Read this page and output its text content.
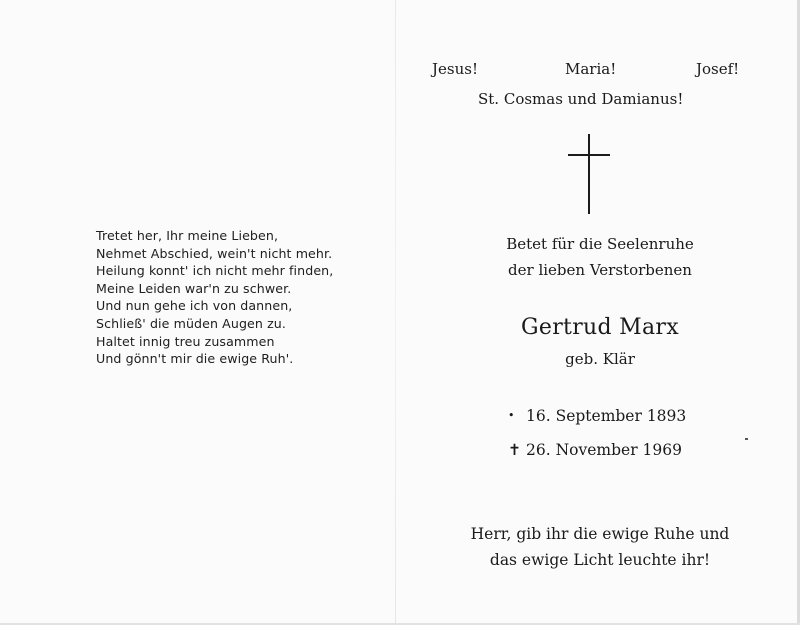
Tretet her, Ihr meine Lieben,
Nehmet Abschied, wein't nicht mehr.
Heilung konnt' ich nicht mehr finden,
Meine Leiden war'n zu schwer.
Und nun gehe ich von dannen,
Schließ' die müden Augen zu.
Haltet innig treu zusammen
Und gönn't mir die ewige Ruh'.
Jesus!	Maria!	Josef!
St. Cosmas und Damianus!
Betet für die Seelenruhe
der lieben Verstorbenen
Gertrud Marx
geb. Klär
• 16. September 1893
✝ 26. November 1969
Herr, gib ihr die ewige Ruhe und
das ewige Licht leuchte ihr!
